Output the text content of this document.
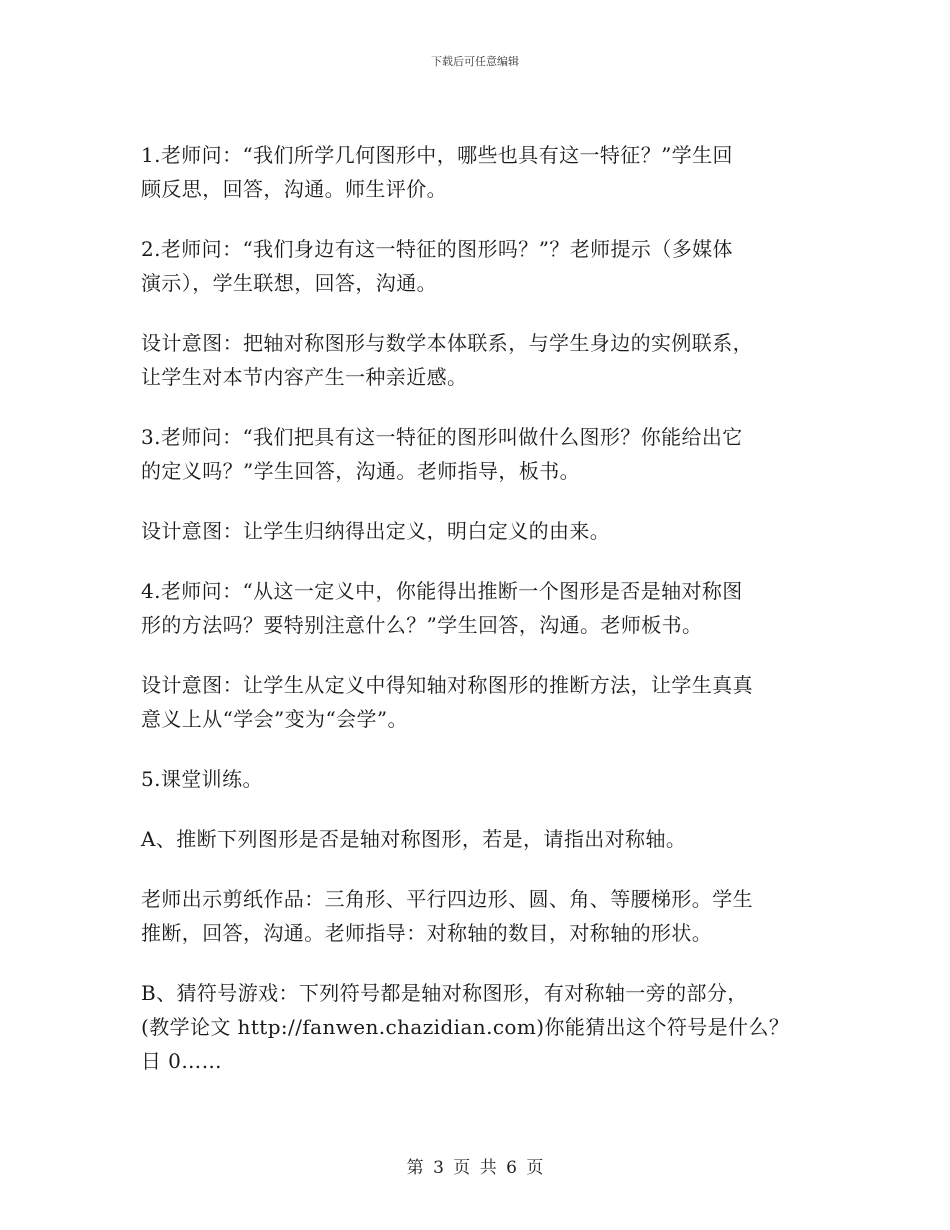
下载后可任意编辑
1.老师问：“我们所学几何图形中，哪些也具有这一特征？”学生回
顾反思，回答，沟通。师生评价。
2.老师问：“我们身边有这一特征的图形吗？”？老师提示（多媒体
演示），学生联想，回答，沟通。
设计意图：把轴对称图形与数学本体联系，与学生身边的实例联系，
让学生对本节内容产生一种亲近感。
3.老师问：“我们把具有这一特征的图形叫做什么图形？你能给出它
的定义吗？”学生回答，沟通。老师指导，板书。
设计意图：让学生归纳得出定义，明白定义的由来。
4.老师问：“从这一定义中，你能得出推断一个图形是否是轴对称图
形的方法吗？要特别注意什么？”学生回答，沟通。老师板书。
设计意图：让学生从定义中得知轴对称图形的推断方法，让学生真真
意义上从“学会”变为“会学”。
5.课堂训练。
A、推断下列图形是否是轴对称图形，若是，请指出对称轴。
老师出示剪纸作品：三角形、平行四边形、圆、角、等腰梯形。学生
推断，回答，沟通。老师指导：对称轴的数目，对称轴的形状。
B、猜符号游戏：下列符号都是轴对称图形，有对称轴一旁的部分，
(教学论文 http://fanwen.chazidian.com)你能猜出这个符号是什么？
日 0……
第 3 页 共 6 页
